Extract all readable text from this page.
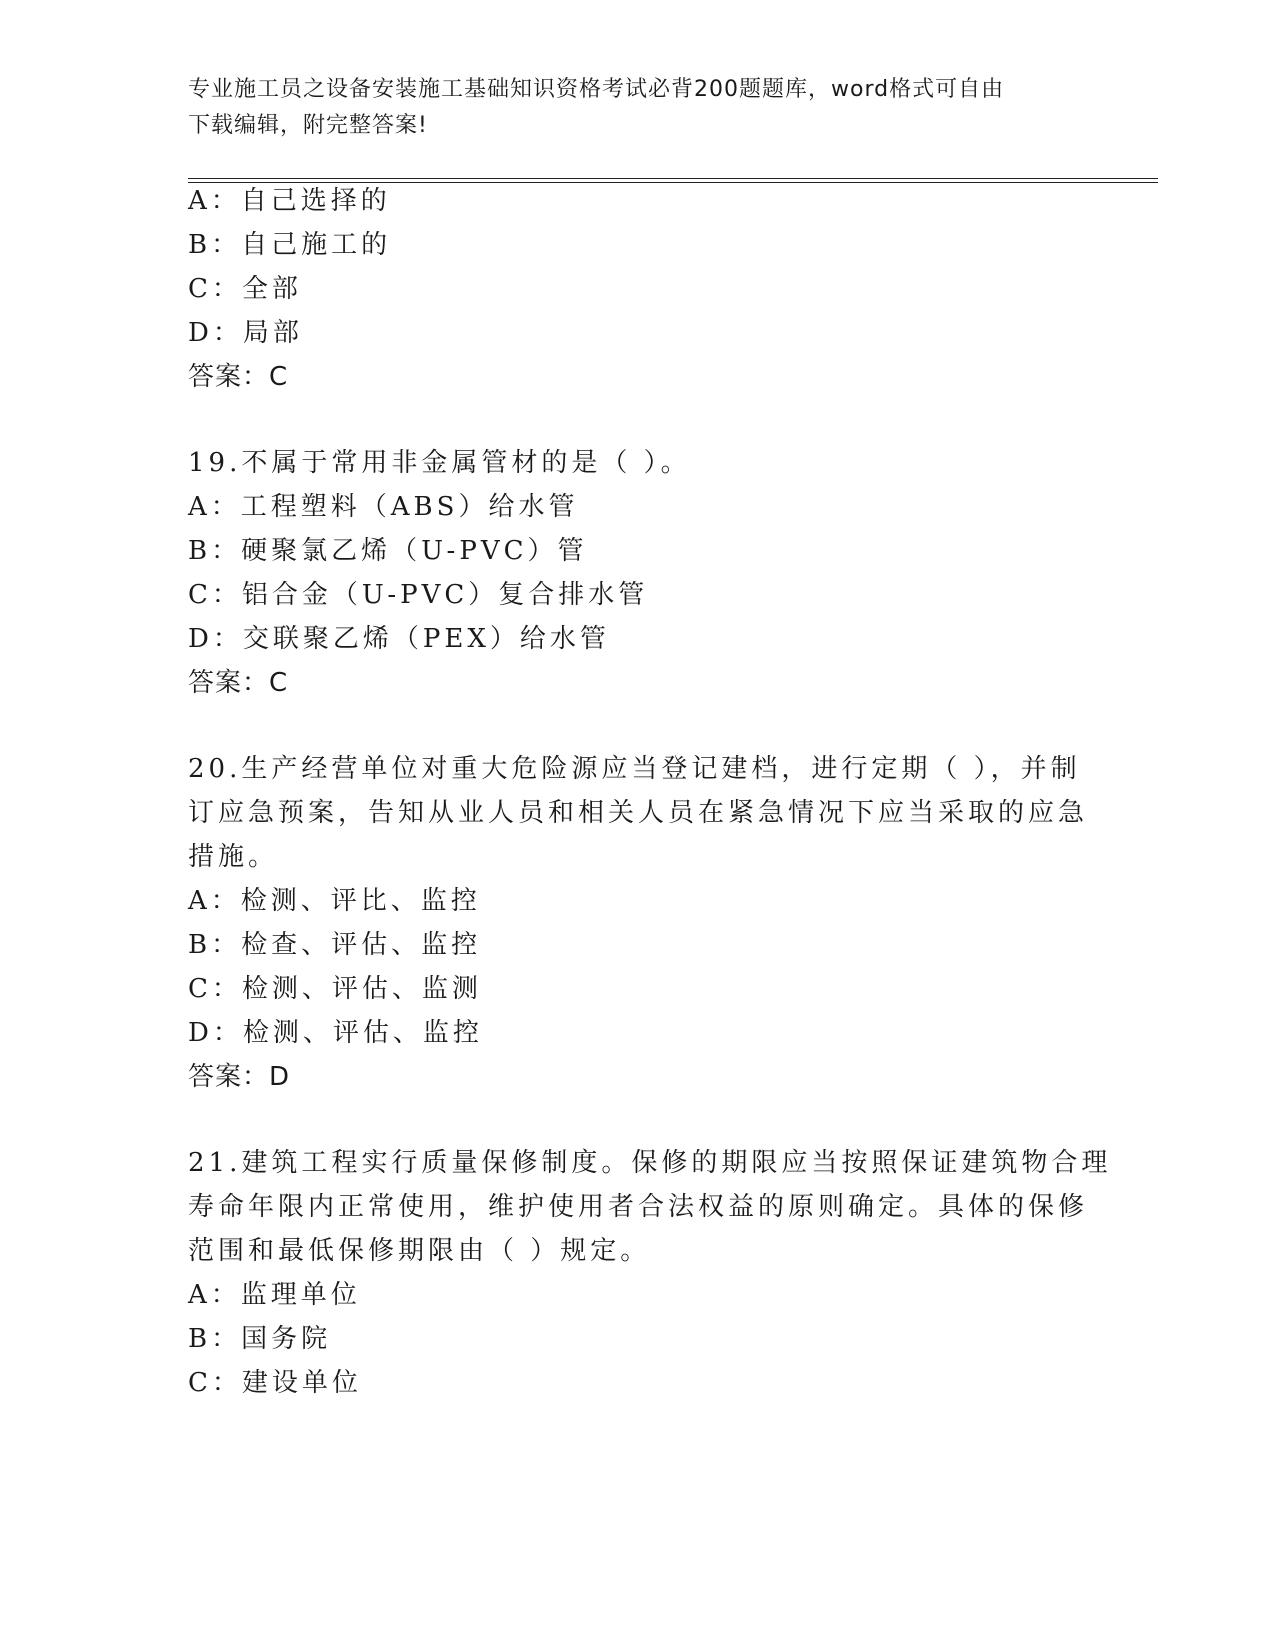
专业施工员之设备安装施工基础知识资格考试必背200题题库，word格式可自由
下载编辑，附完整答案!
A：自己选择的
B：自己施工的
C：全部
D：局部
答案：C
19.不属于常用非金属管材的是（ ）。
A：工程塑料（ABS）给水管
B：硬聚氯乙烯（U-PVC）管
C：铝合金（U-PVC）复合排水管
D：交联聚乙烯（PEX）给水管
答案：C
20.生产经营单位对重大危险源应当登记建档，进行定期（ ），并制
订应急预案，告知从业人员和相关人员在紧急情况下应当采取的应急
措施。
A：检测、评比、监控
B：检查、评估、监控
C：检测、评估、监测
D：检测、评估、监控
答案：D
21.建筑工程实行质量保修制度。保修的期限应当按照保证建筑物合理
寿命年限内正常使用，维护使用者合法权益的原则确定。具体的保修
范围和最低保修期限由（ ）规定。
A：监理单位
B：国务院
C：建设单位
